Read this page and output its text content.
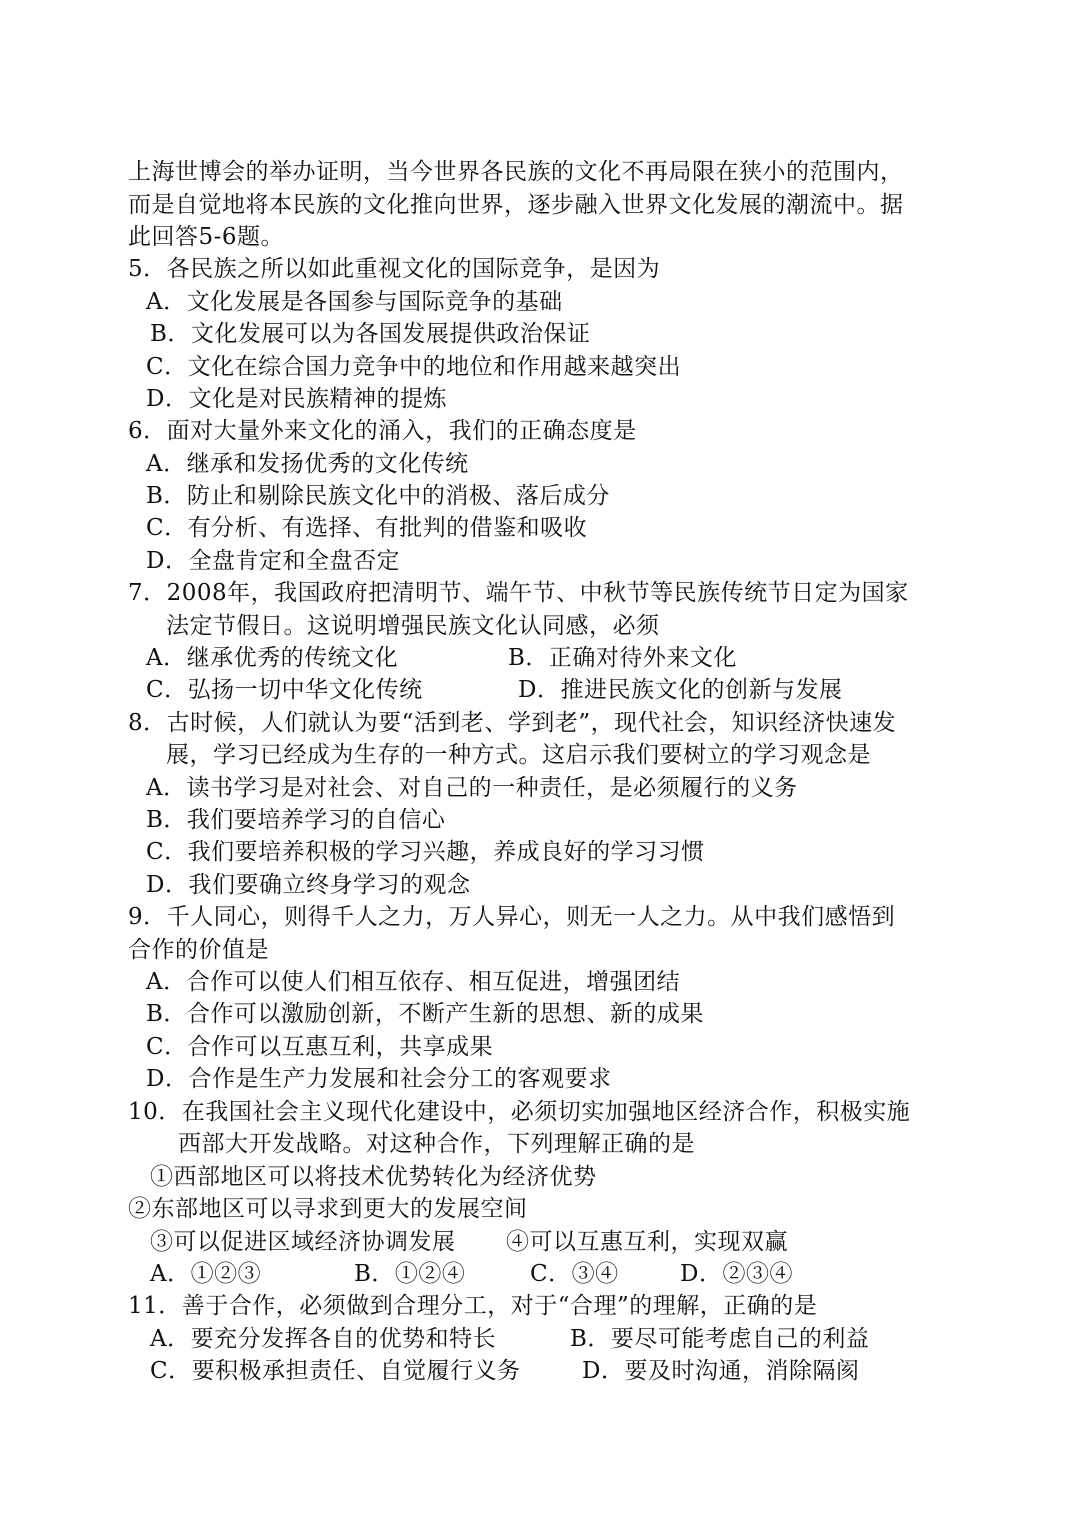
上海世博会的举办证明，当今世界各民族的文化不再局限在狭小的范围内，
而是自觉地将本民族的文化推向世界，逐步融入世界文化发展的潮流中。据
此回答5-6题。
5．各民族之所以如此重视文化的国际竞争，是因为
A．文化发展是各国参与国际竞争的基础
B．文化发展可以为各国发展提供政治保证
C．文化在综合国力竞争中的地位和作用越来越突出
D．文化是对民族精神的提炼
6．面对大量外来文化的涌入，我们的正确态度是
A．继承和发扬优秀的文化传统
B．防止和剔除民族文化中的消极、落后成分
C．有分析、有选择、有批判的借鉴和吸收
D．全盘肯定和全盘否定
7．2008年，我国政府把清明节、端午节、中秋节等民族传统节日定为国家
法定节假日。这说明增强民族文化认同感，必须
A．继承优秀的传统文化	B．正确对待外来文化
C．弘扬一切中华文化传统	D．推进民族文化的创新与发展
8．古时候，人们就认为要“活到老、学到老”，现代社会，知识经济快速发
展，学习已经成为生存的一种方式。这启示我们要树立的学习观念是
A．读书学习是对社会、对自己的一种责任，是必须履行的义务
B．我们要培养学习的自信心
C．我们要培养积极的学习兴趣，养成良好的学习习惯
D．我们要确立终身学习的观念
9．千人同心，则得千人之力，万人异心，则无一人之力。从中我们感悟到
合作的价值是
A．合作可以使人们相互依存、相互促进，增强团结
B．合作可以激励创新，不断产生新的思想、新的成果
C．合作可以互惠互利，共享成果
D．合作是生产力发展和社会分工的客观要求
10．在我国社会主义现代化建设中，必须切实加强地区经济合作，积极实施
西部大开发战略。对这种合作，下列理解正确的是
①西部地区可以将技术优势转化为经济优势
②东部地区可以寻求到更大的发展空间
③可以促进区域经济协调发展 ④可以互惠互利，实现双赢
A．①②③	B．①②④	C．③④	D．②③④
11．善于合作，必须做到合理分工，对于“合理”的理解，正确的是
A．要充分发挥各自的优势和特长	B．要尽可能考虑自己的利益
C．要积极承担责任、自觉履行义务	D．要及时沟通，消除隔阂
